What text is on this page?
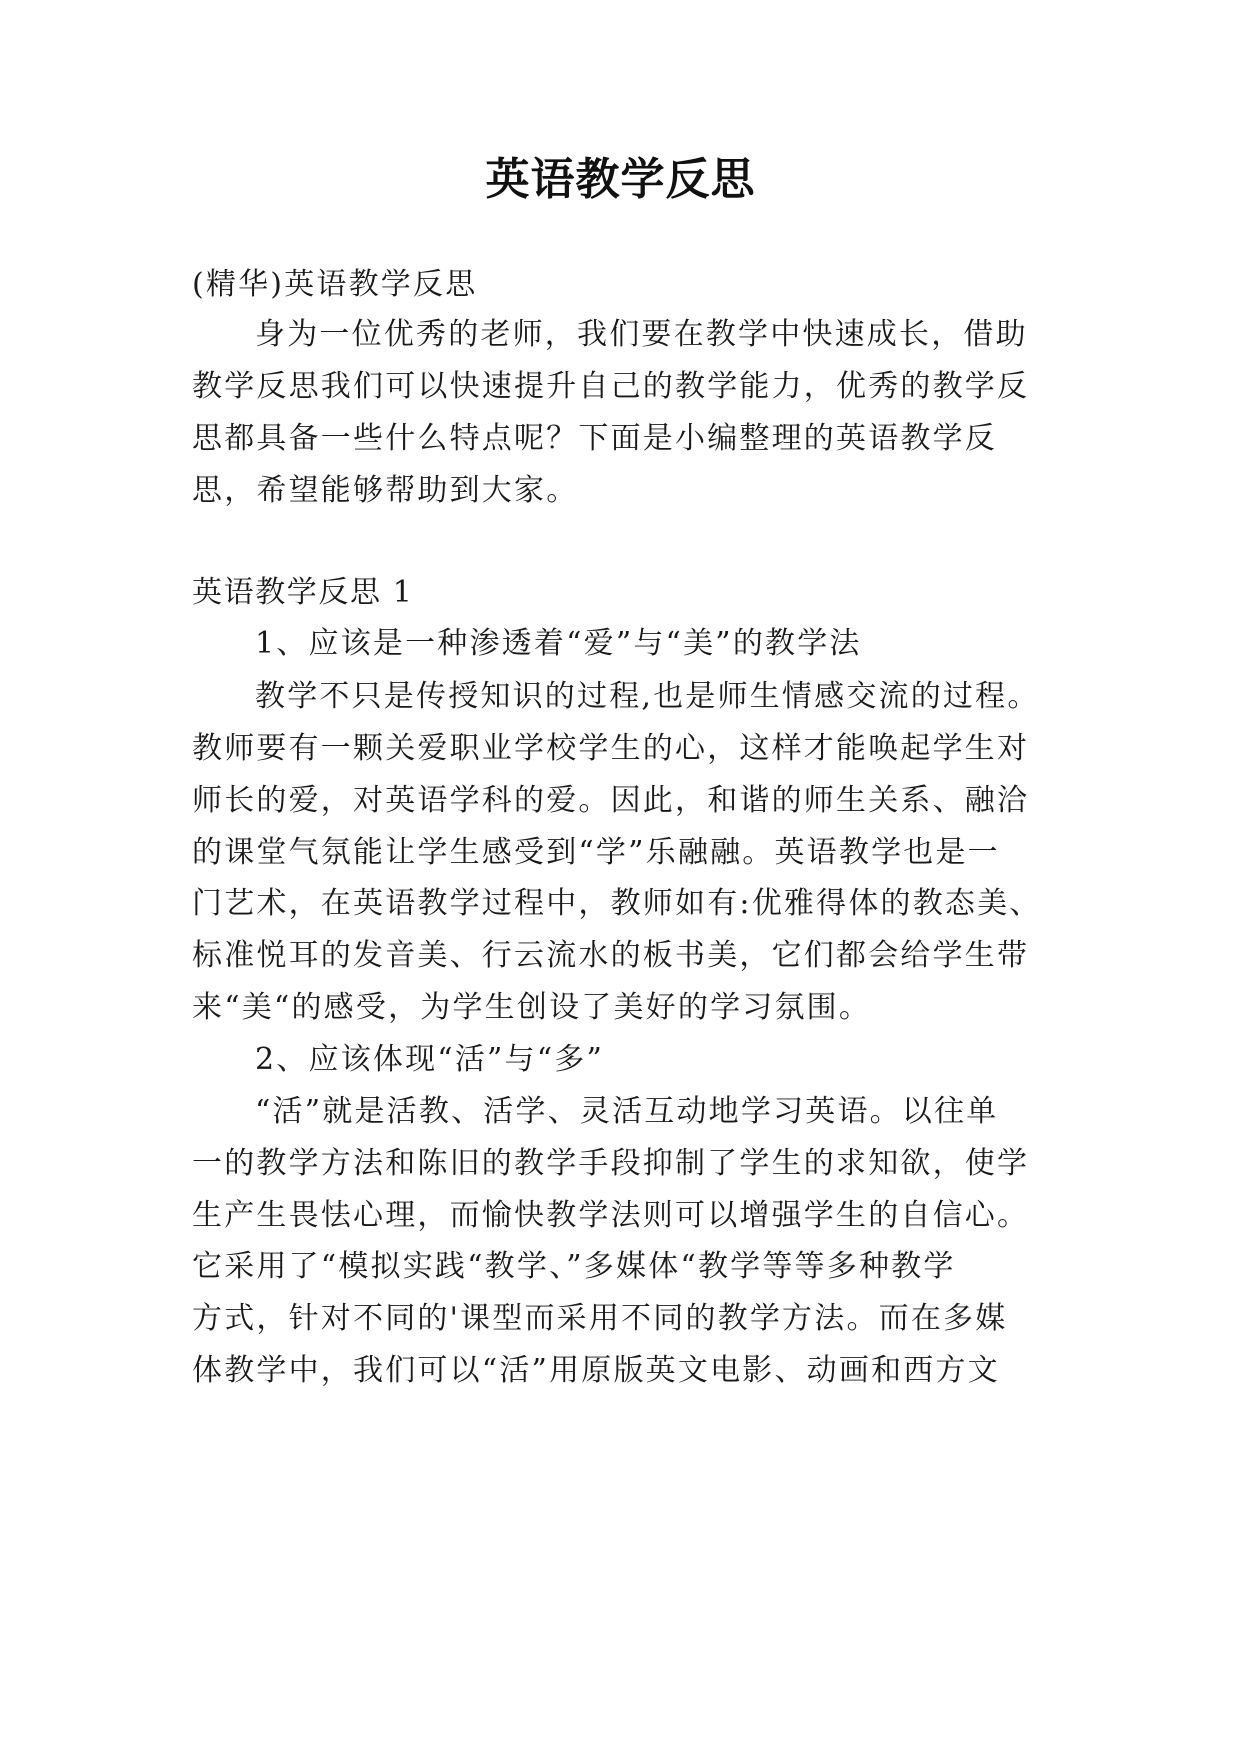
英语教学反思

(精华)英语教学反思

身为一位优秀的老师，我们要在教学中快速成长，借助

教学反思我们可以快速提升自己的教学能力，优秀的教学反

思都具备一些什么特点呢？下面是小编整理的英语教学反

思，希望能够帮助到大家。

英语教学反思 1

1、应该是一种渗透着“爱”与“美”的教学法

教学不只是传授知识的过程,也是师生情感交流的过程。

教师要有一颗关爱职业学校学生的心，这样才能唤起学生对

师长的爱，对英语学科的爱。因此，和谐的师生关系、融洽

的课堂气氛能让学生感受到“学”乐融融。英语教学也是一

门艺术，在英语教学过程中，教师如有:优雅得体的教态美、

标准悦耳的发音美、行云流水的板书美，它们都会给学生带

来“美“的感受，为学生创设了美好的学习氛围。

2、应该体现“活”与“多”

“活”就是活教、活学、灵活互动地学习英语。以往单

一的教学方法和陈旧的教学手段抑制了学生的求知欲，使学

生产生畏怯心理，而愉快教学法则可以增强学生的自信心。

它采用了“模拟实践“教学、”多媒体“教学等等多种教学

方式，针对不同的'课型而采用不同的教学方法。而在多媒

体教学中，我们可以“活”用原版英文电影、动画和西方文
